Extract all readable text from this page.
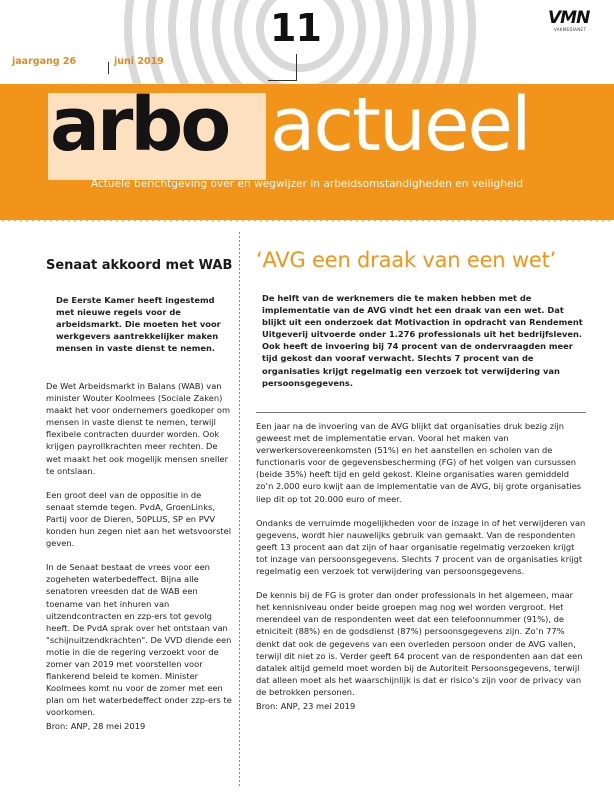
11
jaargang 26	juni 2019
VMN
VAKMEDIANET
arbo actueel
Actuele berichtgeving over en wegwijzer in arbeidsomstandigheden en veiligheid
Senaat akkoord met WAB
De Eerste Kamer heeft ingestemd met nieuwe regels voor de arbeidsmarkt. Die moeten het voor werkgevers aantrekkelijker maken mensen in vaste dienst te nemen.

De Wet Arbeidsmarkt in Balans (WAB) van minister Wouter Koolmees (Sociale Zaken) maakt het voor ondernemers goedkoper om mensen in vaste dienst te nemen, terwijl flexibele contracten duurder worden. Ook krijgen payrollkrachten meer rechten. De wet maakt het ook mogelijk mensen sneller te ontslaan.

Een groot deel van de oppositie in de senaat stemde tegen. PvdA, GroenLinks, Partij voor de Dieren, 50PLUS, SP en PVV konden hun zegen niet aan het wetsvoorstel geven.

In de Senaat bestaat de vrees voor een zogeheten waterbedeffect. Bijna alle senatoren vreesden dat de WAB een toename van het inhuren van uitzendcontracten en zzp-ers tot gevolg heeft. De PvdA sprak over het ontstaan van "schijnuitzendkrachten". De VVD diende een motie in die de regering verzoekt voor de zomer van 2019 met voorstellen voor flankerend beleid te komen. Minister Koolmees komt nu voor de zomer met een plan om het waterbedeffect onder zzp-ers te voorkomen.

Bron: ANP, 28 mei 2019

‘AVG een draak van een wet’
De helft van de werknemers die te maken hebben met de implementatie van de AVG vindt het een draak van een wet. Dat blijkt uit een onderzoek dat Motivaction in opdracht van Rendement Uitgeverij uitvoerde onder 1.276 professionals uit het bedrijfsleven. Ook heeft de invoering bij 74 procent van de ondervraagden meer tijd gekost dan vooraf verwacht. Slechts 7 procent van de organisaties krijgt regelmatig een verzoek tot verwijdering van persoonsgegevens.

Een jaar na de invoering van de AVG blijkt dat organisaties druk bezig zijn geweest met de implementatie ervan. Vooral het maken van verwerkersovereenkomsten (51%) en het aanstellen en scholen van de functionaris voor de gegevensbescherming (FG) of het volgen van cursussen (beide 35%) heeft tijd en geld gekost. Kleine organisaties waren gemiddeld zo’n 2.000 euro kwijt aan de implementatie van de AVG, bij grote organisaties liep dit op tot 20.000 euro of meer.

Ondanks de verruimde mogelijkheden voor de inzage in of het verwijderen van gegevens, wordt hier nauwelijks gebruik van gemaakt. Van de respondenten geeft 13 procent aan dat zijn of haar organisatie regelmatig verzoeken krijgt tot inzage van persoonsgegevens. Slechts 7 procent van de organisaties krijgt regelmatig een verzoek tot verwijdering van persoonsgegevens.

De kennis bij de FG is groter dan onder professionals in het algemeen, maar het kennisniveau onder beide groepen mag nog wel worden vergroot. Het merendeel van de respondenten weet dat een telefoonnummer (91%), de etniciteit (88%) en de godsdienst (87%) persoonsgegevens zijn. Zo’n 77% denkt dat ook de gegevens van een overleden persoon onder de AVG vallen, terwijl dit niet zo is. Verder geeft 64 procent van de respondenten aan dat een datalek altijd gemeld moet worden bij de Autoriteit Persoonsgegevens, terwijl dat alleen moet als het waarschijnlijk is dat er risico’s zijn voor de privacy van de betrokken personen.

Bron: ANP, 23 mei 2019
